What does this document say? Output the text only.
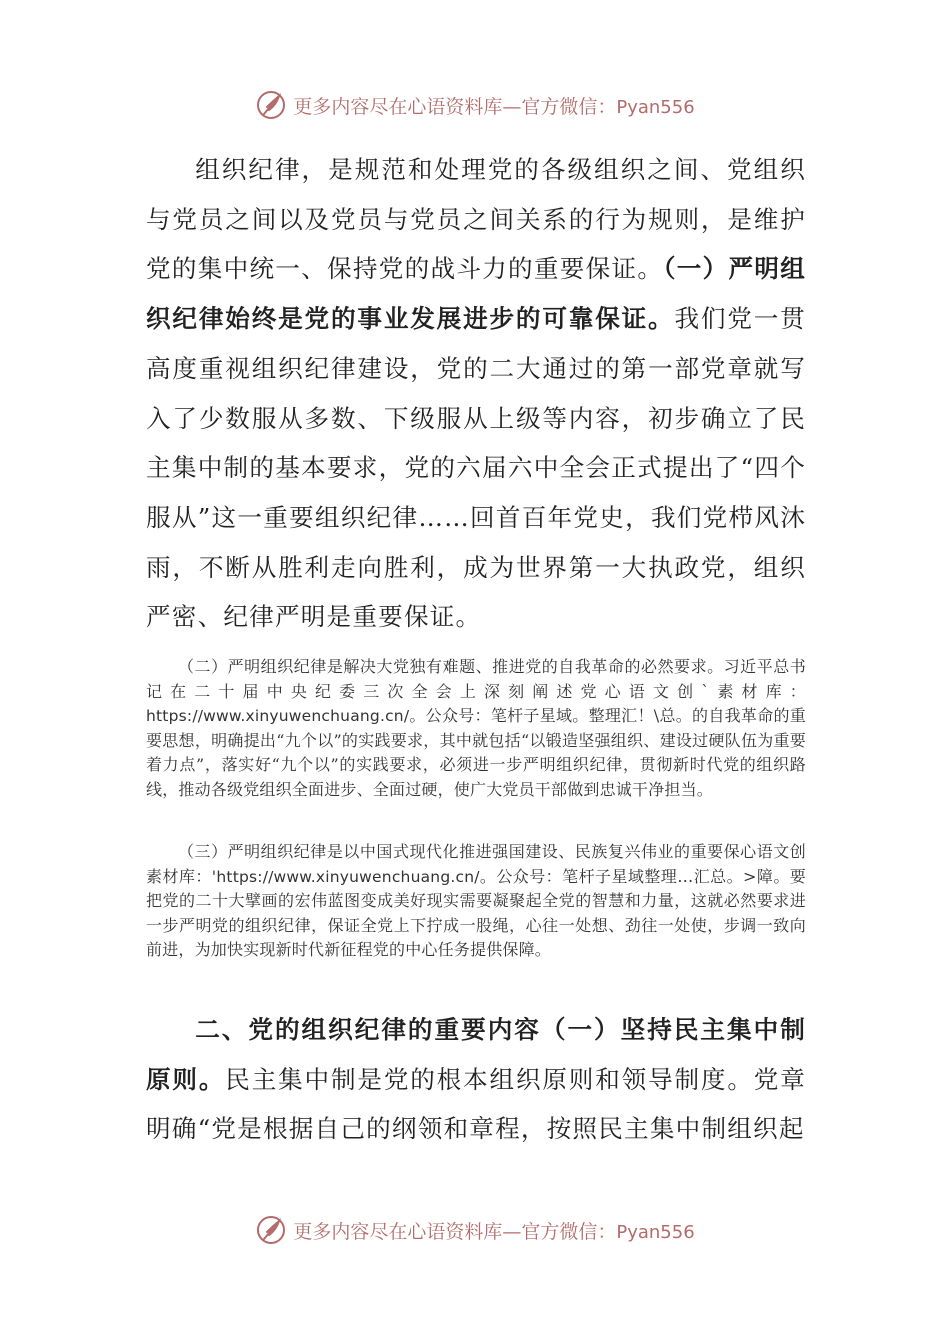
更多内容尽在心语资料库—官方微信：Pyan556

组织纪律，是规范和处理党的各级组织之间、党组织与党员之间以及党员与党员之间关系的行为规则，是维护党的集中统一、保持党的战斗力的重要保证。（一）严明组织纪律始终是党的事业发展进步的可靠保证。我们党一贯高度重视组织纪律建设，党的二大通过的第一部党章就写入了少数服从多数、下级服从上级等内容，初步确立了民主集中制的基本要求，党的六届六中全会正式提出了“四个服从”这一重要组织纪律……回首百年党史，我们党栉风沐雨，不断从胜利走向胜利，成为世界第一大执政党，组织严密、纪律严明是重要保证。

（二）严明组织纪律是解决大党独有难题、推进党的自我革命的必然要求。习近平总书记在二十届中央纪委三次全会上深刻阐述党心语文创`素材库：https://www.xinyuwenchuang.cn/。公众号：笔杆子星域。整理汇！\总。的自我革命的重要思想，明确提出“九个以”的实践要求，其中就包括“以锻造坚强组织、建设过硬队伍为重要着力点”，落实好“九个以”的实践要求，必须进一步严明组织纪律，贯彻新时代党的组织路线，推动各级党组织全面进步、全面过硬，使广大党员干部做到忠诚干净担当。

（三）严明组织纪律是以中国式现代化推进强国建设、民族复兴伟业的重要保心语文创素材库：'https://www.xinyuwenchuang.cn/。公众号：笔杆子星域整理…汇总。>障。要把党的二十大擘画的宏伟蓝图变成美好现实需要凝聚起全党的智慧和力量，这就必然要求进一步严明党的组织纪律，保证全党上下拧成一股绳，心往一处想、劲往一处使，步调一致向前进，为加快实现新时代新征程党的中心任务提供保障。

二、党的组织纪律的重要内容（一）坚持民主集中制原则。民主集中制是党的根本组织原则和领导制度。党章明确“党是根据自己的纲领和章程，按照民主集中制组织起

更多内容尽在心语资料库—官方微信：Pyan556
